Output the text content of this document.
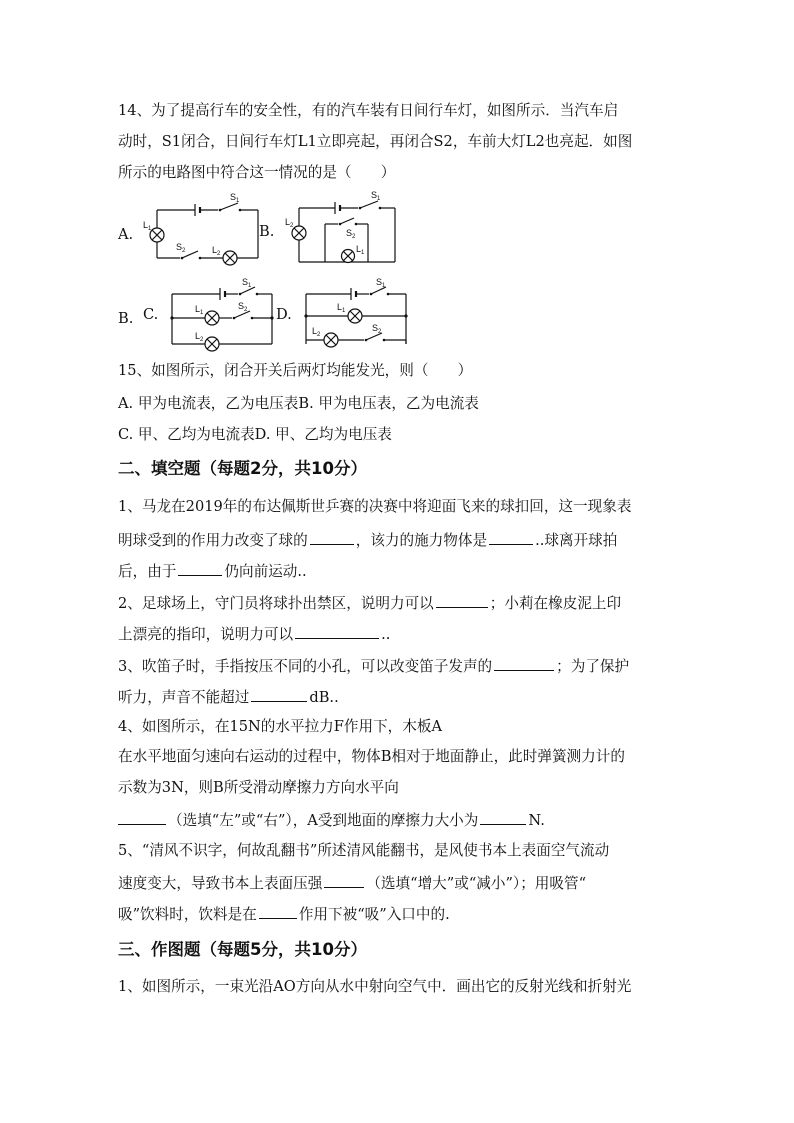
14、为了提高行车的安全性，有的汽车装有日间行车灯，如图所示．当汽车启
动时，S1闭合，日间行车灯L1立即亮起，再闭合S2，车前大灯L2也亮起．如图
所示的电路图中符合这一情况的是（　　）
A.
$S_1$
$L_1$
$S_2$	$L_2$
B.
$S_1$
$L_2$
$S_2$
$L_1$
B. C.
$S_1$
$L_1$
$S_2$
$L_2$
D.
$S_1$
$L_1$
$S_2$
$L_2$
15、如图所示，闭合开关后两灯均能发光，则（　　）
A. 甲为电流表，乙为电压表B. 甲为电压表，乙为电流表
C. 甲、乙均为电流表D. 甲、乙均为电压表
二、填空题（每题2分，共10分）
1、马龙在2019年的布达佩斯世乒赛的决赛中将迎面飞来的球扣回，这一现象表
明球受到的作用力改变了球的	，该力的施力物体是	..球离开球拍
后，由于	仍向前运动..
2、足球场上，守门员将球扑出禁区，说明力可以	；小莉在橡皮泥上印
上漂亮的指印，说明力可以	..
3、吹笛子时，手指按压不同的小孔，可以改变笛子发声的	；为了保护
听力，声音不能超过	dB..
4、如图所示，在15N的水平拉力F作用下，木板A
在水平地面匀速向右运动的过程中，物体B相对于地面静止，此时弹簧测力计的
示数为3N，则B所受滑动摩擦力方向水平向
（选填“左”或“右”），A受到地面的摩擦力大小为	N.
5、“清风不识字，何故乱翻书”所述清风能翻书，是风使书本上表面空气流动
速度变大，导致书本上表面压强	（选填“增大”或“减小”）；用吸管“
吸”饮料时，饮料是在	作用下被“吸”入口中的.
三、作图题（每题5分，共10分）
1、如图所示，一束光沿AO方向从水中射向空气中．画出它的反射光线和折射光
